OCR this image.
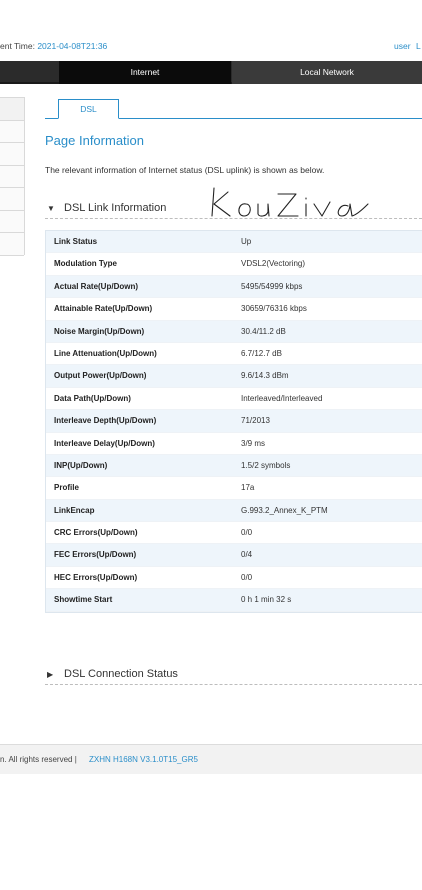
ent Time: 2021-04-08T21:36	user L
Internet	Local Network
DSL
Page Information
The relevant information of Internet status (DSL uplink) is shown as below.
▼ DSL Link Information
Link Status	Up
Modulation Type	VDSL2(Vectoring)
Actual Rate(Up/Down)	5495/54999 kbps
Attainable Rate(Up/Down)	30659/76316 kbps
Noise Margin(Up/Down)	30.4/11.2 dB
Line Attenuation(Up/Down)	6.7/12.7 dB
Output Power(Up/Down)	9.6/14.3 dBm
Data Path(Up/Down)	Interleaved/Interleaved
Interleave Depth(Up/Down)	71/2013
Interleave Delay(Up/Down)	3/9 ms
INP(Up/Down)	1.5/2 symbols
Profile	17a
LinkEncap	G.993.2_Annex_K_PTM
CRC Errors(Up/Down)	0/0
FEC Errors(Up/Down)	0/4
HEC Errors(Up/Down)	0/0
Showtime Start	0 h 1 min 32 s
▶ DSL Connection Status
n. All rights reserved | ZXHN H168N V3.1.0T15_GR5
